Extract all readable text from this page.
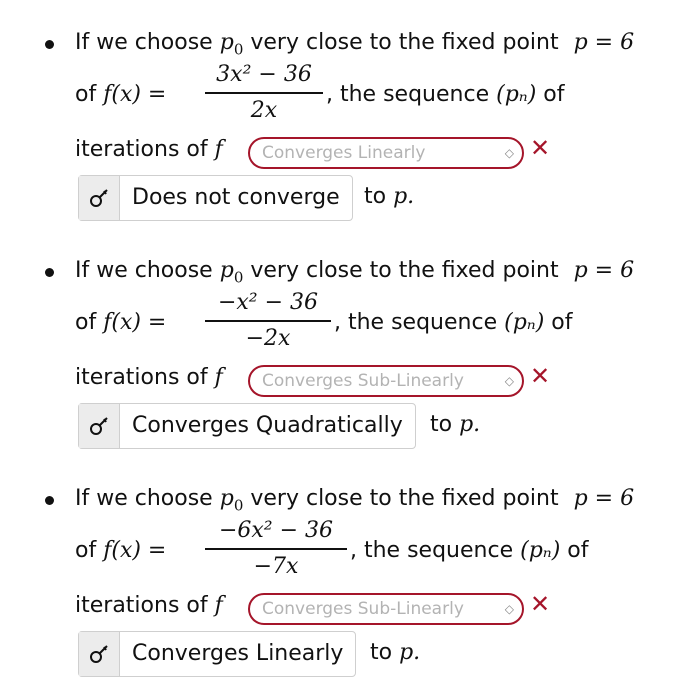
If we choose $p_0$ very close to the fixed point p = 6
of f(x) =
3x² − 36
2x
, the sequence (pₙ) of
iterations of f	Converges Linearly	◇ ✕
Does not converge	to p.
If we choose $p_0$ very close to the fixed point p = 6
of f(x) =
−x² − 36
−2x
, the sequence (pₙ) of
iterations of f	Converges Sub-Linearly	◇ ✕
Converges Quadratically	to p.
If we choose $p_0$ very close to the fixed point p = 6
of f(x) =
−6x² − 36
−7x
, the sequence (pₙ) of
iterations of f	Converges Sub-Linearly	◇ ✕
Converges Linearly	to p.
